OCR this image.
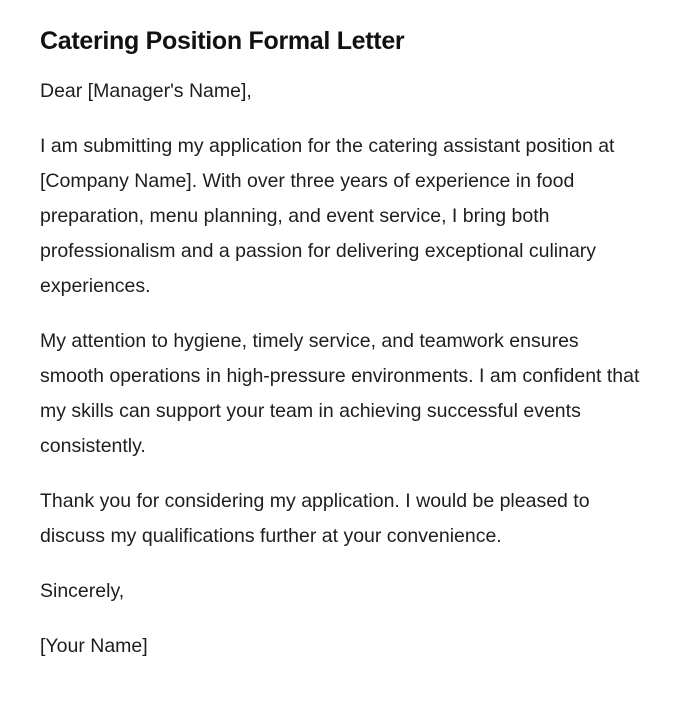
Catering Position Formal Letter

Dear [Manager's Name],

I am submitting my application for the catering assistant position at [Company Name]. With over three years of experience in food preparation, menu planning, and event service, I bring both professionalism and a passion for delivering exceptional culinary experiences.

My attention to hygiene, timely service, and teamwork ensures smooth operations in high-pressure environments. I am confident that my skills can support your team in achieving successful events consistently.

Thank you for considering my application. I would be pleased to discuss my qualifications further at your convenience.

Sincerely,

[Your Name]
